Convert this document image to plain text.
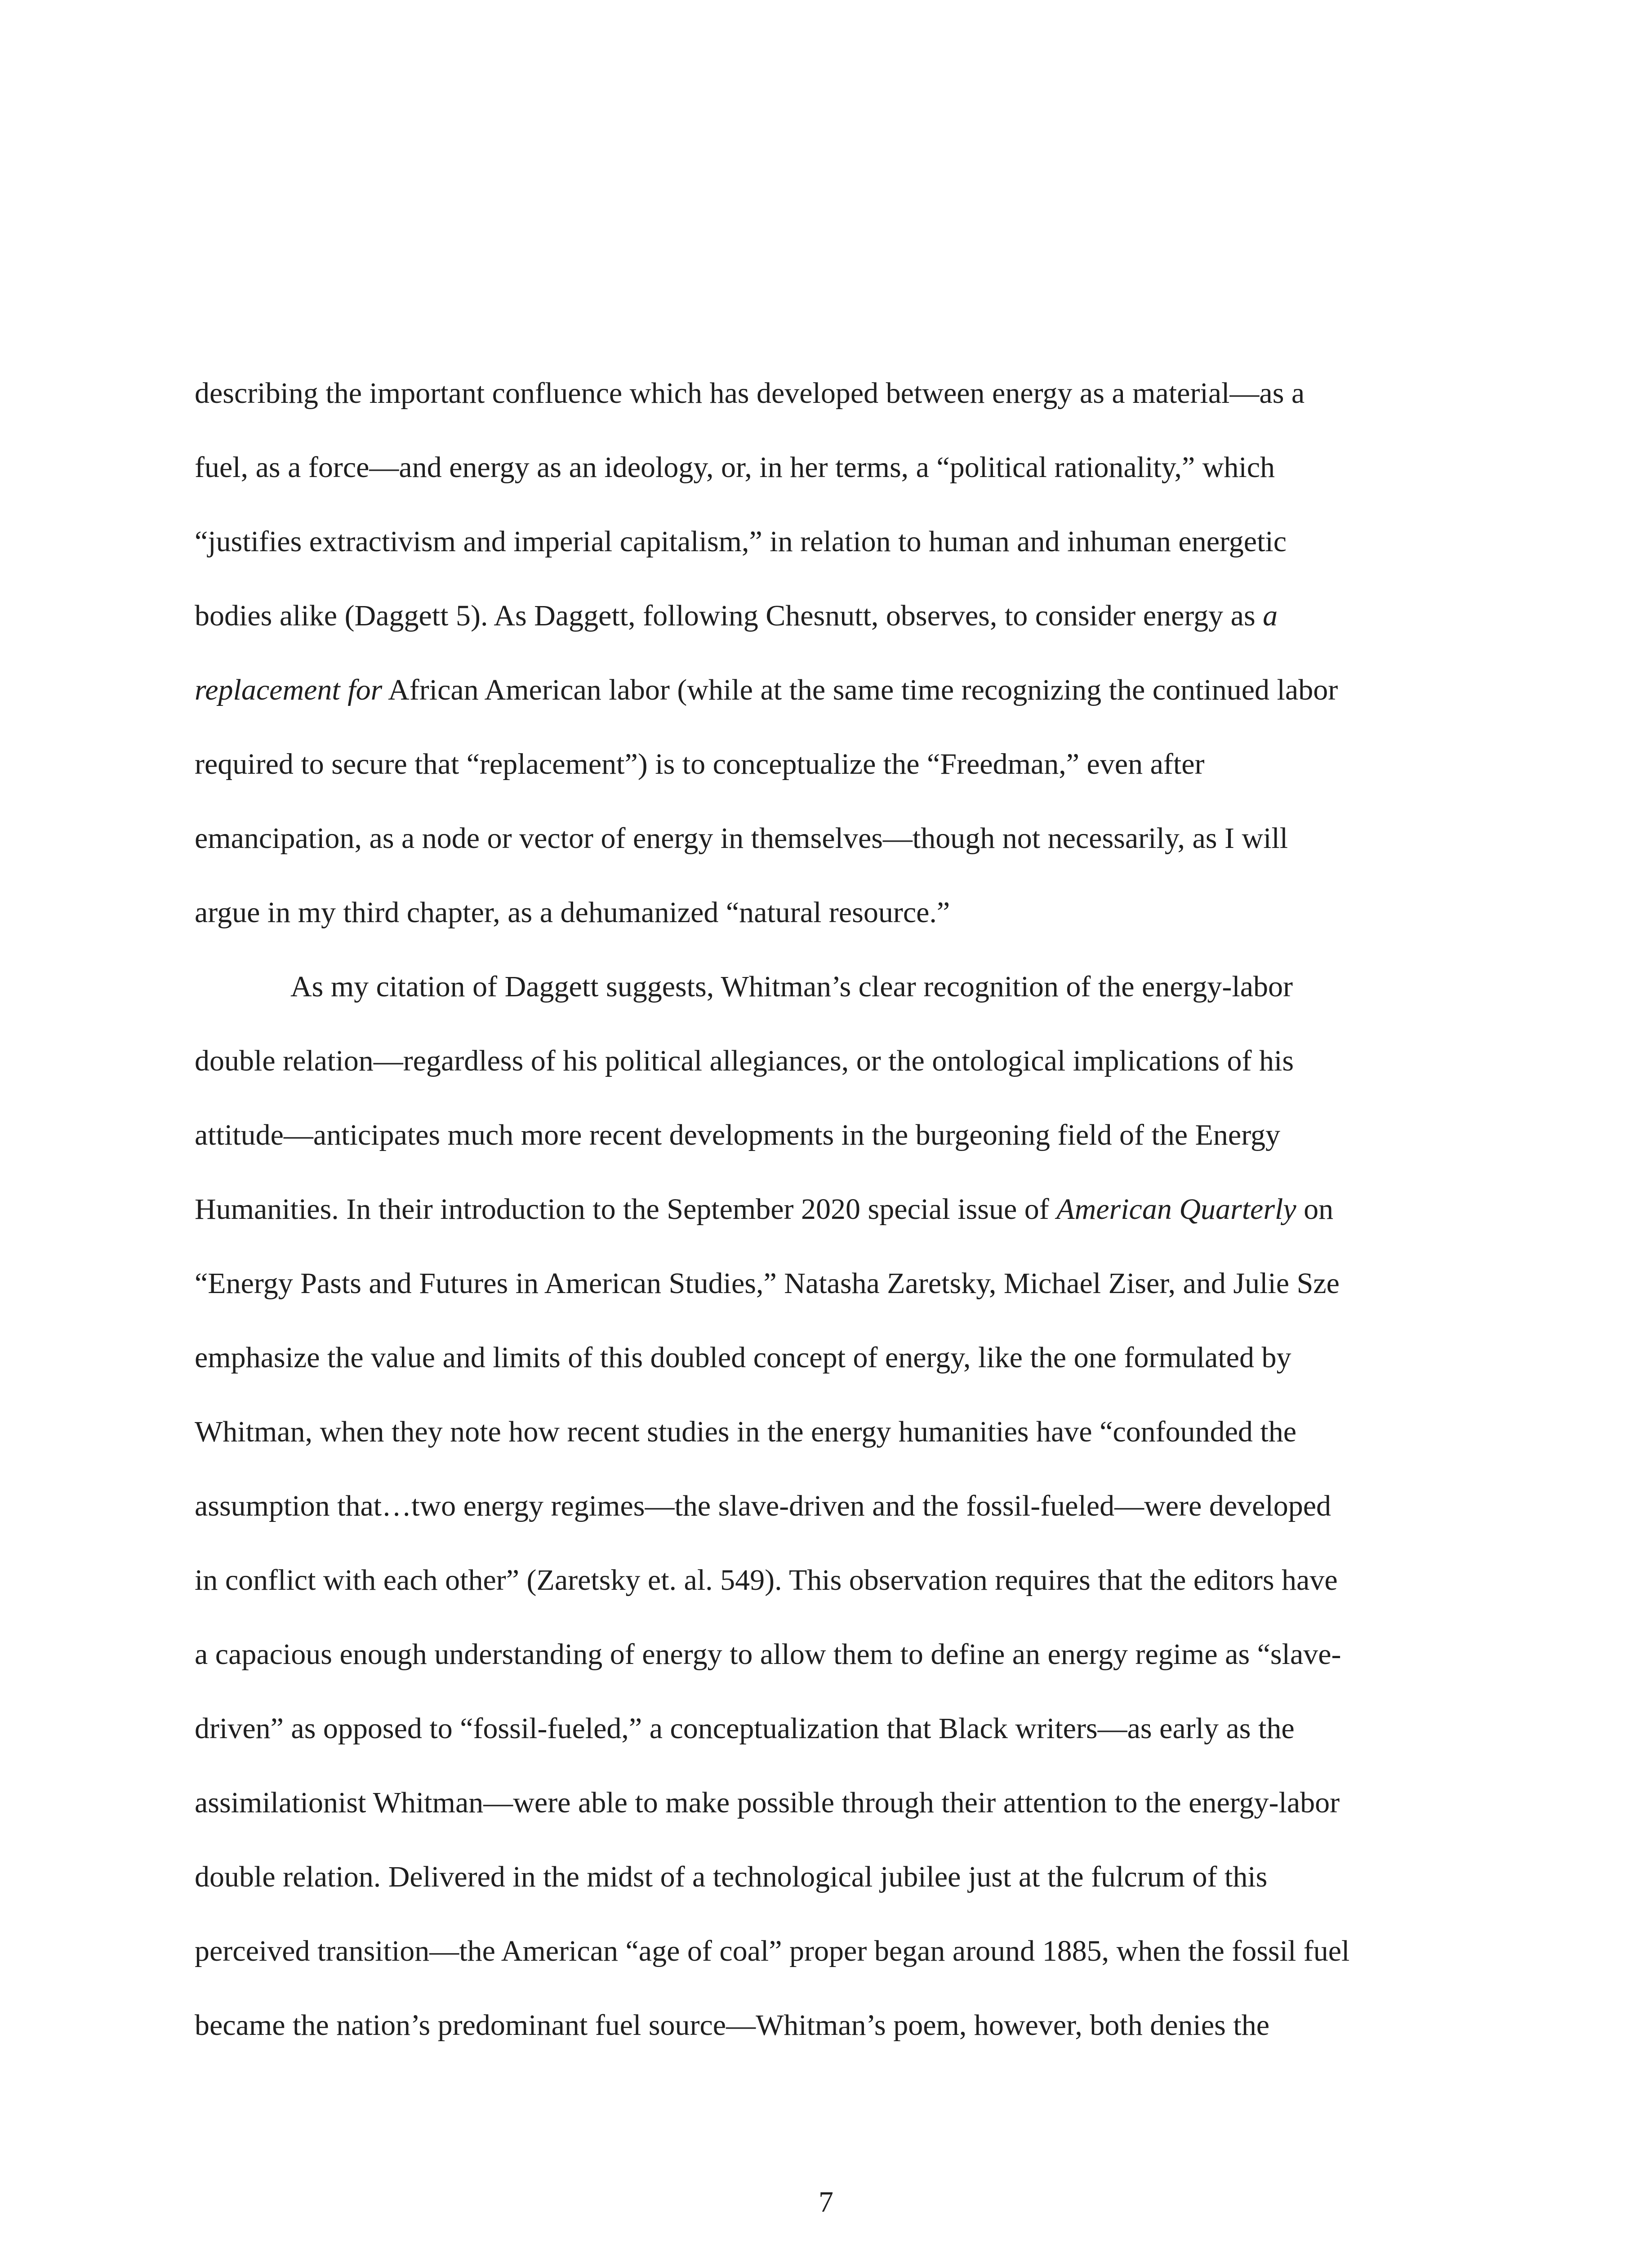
describing the important confluence which has developed between energy as a material—as a
fuel, as a force—and energy as an ideology, or, in her terms, a “political rationality,” which
“justifies extractivism and imperial capitalism,” in relation to human and inhuman energetic
bodies alike (Daggett 5). As Daggett, following Chesnutt, observes, to consider energy as a
replacement for African American labor (while at the same time recognizing the continued labor
required to secure that “replacement”) is to conceptualize the “Freedman,” even after
emancipation, as a node or vector of energy in themselves—though not necessarily, as I will
argue in my third chapter, as a dehumanized “natural resource.”
As my citation of Daggett suggests, Whitman’s clear recognition of the energy-labor
double relation—regardless of his political allegiances, or the ontological implications of his
attitude—anticipates much more recent developments in the burgeoning field of the Energy
Humanities. In their introduction to the September 2020 special issue of American Quarterly on
“Energy Pasts and Futures in American Studies,” Natasha Zaretsky, Michael Ziser, and Julie Sze
emphasize the value and limits of this doubled concept of energy, like the one formulated by
Whitman, when they note how recent studies in the energy humanities have “confounded the
assumption that…two energy regimes—the slave-driven and the fossil-fueled—were developed
in conflict with each other” (Zaretsky et. al. 549). This observation requires that the editors have
a capacious enough understanding of energy to allow them to define an energy regime as “slave-
driven” as opposed to “fossil-fueled,” a conceptualization that Black writers—as early as the
assimilationist Whitman—were able to make possible through their attention to the energy-labor
double relation. Delivered in the midst of a technological jubilee just at the fulcrum of this
perceived transition—the American “age of coal” proper began around 1885, when the fossil fuel
became the nation’s predominant fuel source—Whitman’s poem, however, both denies the
7
